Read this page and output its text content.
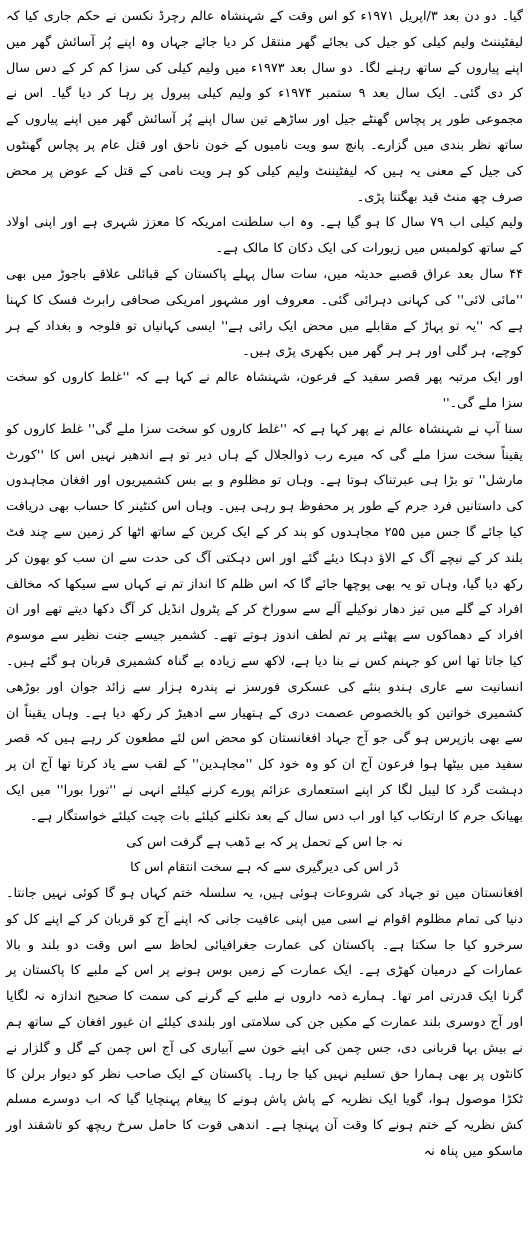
گیا۔ دو دن بعد ۳/اپریل ۱۹۷۱ء کو اس وقت کے شہنشاہ عالم رچرڈ نکسن نے حکم جاری کیا کہ لیفٹیننٹ ولیم کیلی کو جیل کی بجائے گھر منتقل کر دیا جائے جہاں وہ اپنے پُر آسائش گھر میں اپنے پیاروں کے ساتھ رہنے لگا۔ دو سال بعد ۱۹۷۳ء میں ولیم کیلی کی سزا کم کر کے دس سال کر دی گئی۔ ایک سال بعد ۹ ستمبر ۱۹۷۴ء کو ولیم کیلی پیرول پر رہا کر دیا گیا۔ اس نے مجموعی طور پر پچاس گھنٹے جیل اور ساڑھے تین سال اپنے پُر آسائش گھر میں اپنے پیاروں کے ساتھ نظر بندی میں گزارے۔ پانچ سو ویت نامیوں کے خون ناحق اور قتل عام پر پچاس گھنٹوں کی جیل کے معنی یہ ہیں کہ لیفٹیننٹ ولیم کیلی کو ہر ویت نامی کے قتل کے عوض پر محض صرف چھ منٹ قید بھگتنا پڑی۔

ولیم کیلی اب ۷۹ سال کا ہو گیا ہے۔ وہ اب سلطنت امریکہ کا معزز شہری ہے اور اپنی اولاد کے ساتھ کولمبس میں زیورات کی ایک دکان کا مالک ہے۔

۴۴ سال بعد عراق قصبے حدیثہ میں، سات سال پہلے پاکستان کے قبائلی علاقے باجوڑ میں بھی ''مائی لائی'' کی کہانی دہرائی گئی۔ معروف اور مشہور امریکی صحافی رابرٹ فسک کا کہنا ہے کہ ''یہ تو پہاڑ کے مقابلے میں محض ایک رائی ہے'' ایسی کہانیاں تو فلوجہ و بغداد کے ہر کوچے، ہر گلی اور ہر ہر گھر میں بکھری پڑی ہیں۔

اور ایک مرتبہ پھر قصر سفید کے فرعون، شہنشاہ عالم نے کہا ہے کہ ''غلط کاروں کو سخت سزا ملے گی۔''

سنا آپ نے شہنشاہ عالم نے پھر کہا ہے کہ ''غلط کاروں کو سخت سزا ملے گی'' غلط کاروں کو یقیناً سخت سزا ملے گی کہ میرے رب ذوالجلال کے ہاں دیر تو ہے اندھیر نہیں اس کا ''کورٹ مارشل'' تو بڑا ہی عبرتناک ہوتا ہے۔ وہاں تو مظلوم و بے بس کشمیریوں اور افغان مجاہدوں کی داستانیں فرد جرم کے طور پر محفوظ ہو رہی ہیں۔ وہاں اس کنٹینر کا حساب بھی دریافت کیا جائے گا جس میں ۲۵۵ مجاہدوں کو بند کر کے ایک کرین کے ساتھ اٹھا کر زمین سے چند فٹ بلند کر کے نیچے آگ کے الاؤ دہکا دیئے گئے اور اس دہکتی آگ کی حدت سے ان سب کو بھون کر رکھ دیا گیا، وہاں تو یہ بھی پوچھا جائے گا کہ اس ظلم کا انداز تم نے کہاں سے سیکھا کہ مخالف افراد کے گلے میں تیز دھار نوکیلے آلے سے سوراخ کر کے پٹرول انڈیل کر آگ دکھا دیتے تھے اور ان افراد کے دھماکوں سے پھٹنے پر تم لطف اندوز ہوتے تھے۔ کشمیر جیسے جنت نظیر سے موسوم کیا جاتا تھا اس کو جہنم کس نے بنا دیا ہے، لاکھ سے زیادہ بے گناہ کشمیری قربان ہو گئے ہیں۔ انسانیت سے عاری ہندو بنئے کی عسکری فورسز نے پندرہ ہزار سے زائد جوان اور بوڑھی کشمیری خواتین کو بالخصوص عصمت دری کے ہتھیار سے ادھیڑ کر رکھ دیا ہے۔ وہاں یقیناً ان سے بھی بازپرس ہو گی جو آج جہاد افغانستان کو محض اس لئے مطعون کر رہے ہیں کہ قصر سفید میں بیٹھا ہوا فرعون آج ان کو وہ خود کل ''مجاہدین'' کے لقب سے یاد کرتا تھا آج ان پر دہشت گرد کا لیبل لگا کر اپنے استعماری عزائم پورے کرنے کیلئے انہی نے ''تورا بورا'' میں ایک بھیانک جرم کا ارتکاب کیا اور اب دس سال کے بعد نکلنے کیلئے بات چیت کیلئے خواستگار ہے۔

نہ جا اس کے تحمل پر کہ بے ڈھب ہے گرفت اس کی

ڈر اس کی دیرگیری سے کہ ہے سخت انتقام اس کا

افغانستان میں تو جہاد کی شروعات ہوئی ہیں، یہ سلسلہ ختم کہاں ہو گا کوئی نہیں جانتا۔ دنیا کی تمام مظلوم اقوام نے اسی میں اپنی عافیت جانی کہ اپنے آج کو قربان کر کے اپنے کل کو سرخرو کیا جا سکتا ہے۔ پاکستان کی عمارت جغرافیائی لحاظ سے اس وقت دو بلند و بالا عمارات کے درمیان کھڑی ہے۔ ایک عمارت کے زمیں بوس ہونے پر اس کے ملبے کا پاکستان پر گرنا ایک قدرتی امر تھا۔ ہمارے ذمہ داروں نے ملبے کے گرنے کی سمت کا صحیح اندازہ نہ لگایا اور آج دوسری بلند عمارت کے مکیں جن کی سلامتی اور بلندی کیلئے ان غیور افغان کے ساتھ ہم نے بیش بہا قربانی دی، جس چمن کی اپنے خون سے آبیاری کی آج اس چمن کے گل و گلزار نے کانٹوں پر بھی ہمارا حق تسلیم نہیں کیا جا رہا۔ پاکستان کے ایک صاحب نظر کو دیوار برلن کا ٹکڑا موصول ہوا، گویا ایک نظریہ کے پاش پاش ہونے کا پیغام پہنچایا گیا کہ اب دوسرے مسلم کش نظریہ کے ختم ہونے کا وقت آن پہنچا ہے۔ اندھی قوت کا حامل سرخ ریچھ کو تاشقند اور ماسکو میں پناہ نہ
